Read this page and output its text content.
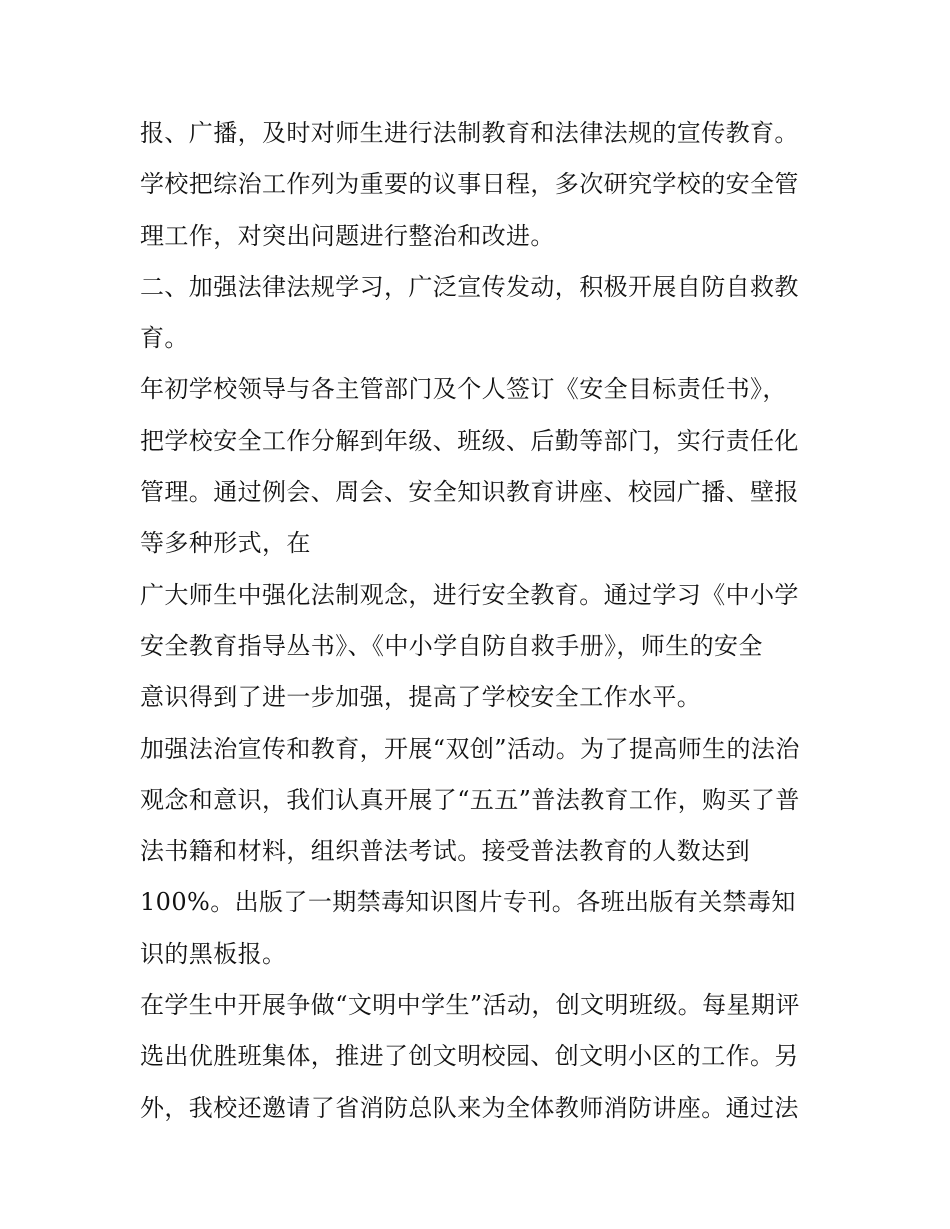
报、广播，及时对师生进行法制教育和法律法规的宣传教育。
学校把综治工作列为重要的议事日程，多次研究学校的安全管
理工作，对突出问题进行整治和改进。
二、加强法律法规学习，广泛宣传发动，积极开展自防自救教
育。
年初学校领导与各主管部门及个人签订《安全目标责任书》，
把学校安全工作分解到年级、班级、后勤等部门，实行责任化
管理。通过例会、周会、安全知识教育讲座、校园广播、壁报
等多种形式，在
广大师生中强化法制观念，进行安全教育。通过学习《中小学
安全教育指导丛书》、《中小学自防自救手册》，师生的安全
意识得到了进一步加强，提高了学校安全工作水平。
加强法治宣传和教育，开展“双创”活动。为了提高师生的法治
观念和意识，我们认真开展了“五五”普法教育工作，购买了普
法书籍和材料，组织普法考试。接受普法教育的人数达到
100%。出版了一期禁毒知识图片专刊。各班出版有关禁毒知
识的黑板报。
在学生中开展争做“文明中学生”活动，创文明班级。每星期评
选出优胜班集体，推进了创文明校园、创文明小区的工作。另
外，我校还邀请了省消防总队来为全体教师消防讲座。通过法
